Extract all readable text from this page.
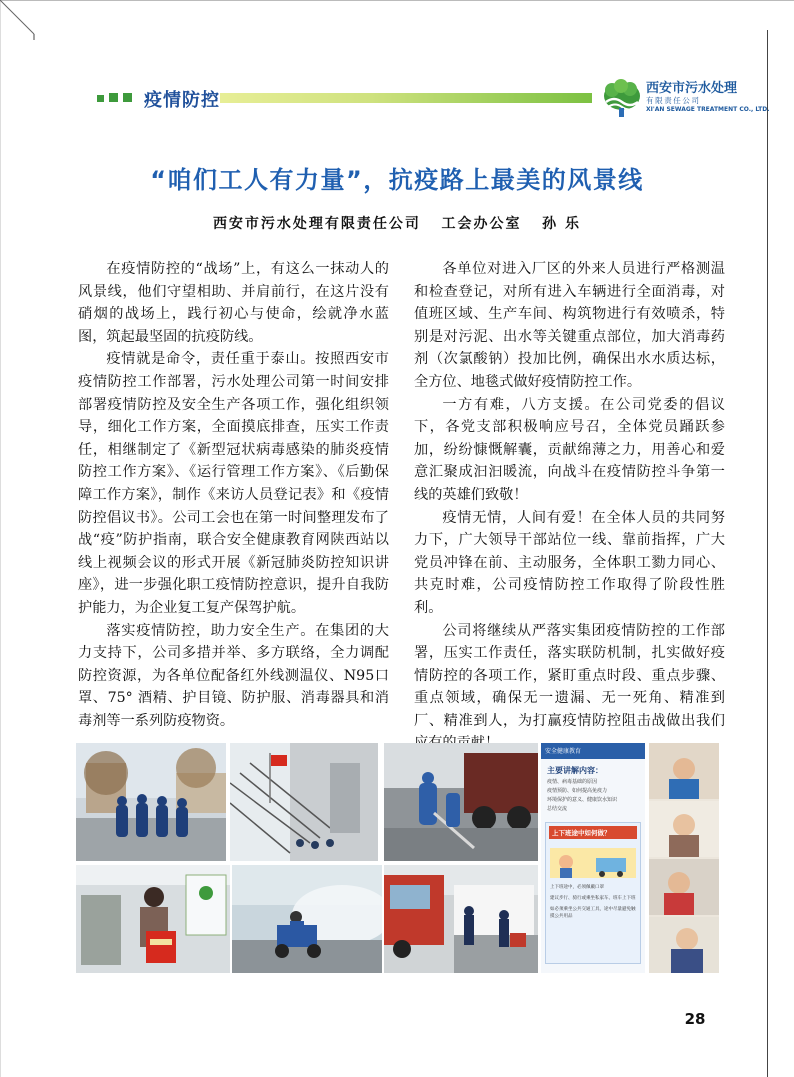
疫情防控
西安市污水处理
有限责任公司
XI'AN SEWAGE TREATMENT CO., LTD.
“咱们工人有力量”，抗疫路上最美的风景线
西安市污水处理有限责任公司   工会办公室   孙 乐

在疫情防控的“战场”上，有这么一抹动人的风景线，他们守望相助、并肩前行，在这片没有硝烟的战场上，践行初心与使命，绘就净水蓝图，筑起最坚固的抗疫防线。

疫情就是命令，责任重于泰山。按照西安市疫情防控工作部署，污水处理公司第一时间安排部署疫情防控及安全生产各项工作，强化组织领导，细化工作方案，全面摸底排查，压实工作责任，相继制定了《新型冠状病毒感染的肺炎疫情防控工作方案》、《运行管理工作方案》、《后勤保障工作方案》，制作《来访人员登记表》和《疫情防控倡议书》。公司工会也在第一时间整理发布了战“疫”防护指南，联合安全健康教育网陕西站以线上视频会议的形式开展《新冠肺炎防控知识讲座》，进一步强化职工疫情防控意识，提升自我防护能力，为企业复工复产保驾护航。

落实疫情防控，助力安全生产。在集团的大力支持下，公司多措并举、多方联络，全力调配防控资源，为各单位配备红外线测温仪、N95口罩、75° 酒精、护目镜、防护服、消毒器具和消毒剂等一系列防疫物资。

各单位对进入厂区的外来人员进行严格测温和检查登记，对所有进入车辆进行全面消毒，对值班区域、生产车间、构筑物进行有效喷杀，特别是对污泥、出水等关键重点部位，加大消毒药剂（次氯酸钠）投加比例，确保出水水质达标，全方位、地毯式做好疫情防控工作。

一方有难，八方支援。在公司党委的倡议下，各党支部积极响应号召，全体党员踊跃参加，纷纷慷慨解囊，贡献绵薄之力，用善心和爱意汇聚成汩汩暖流，向战斗在疫情防控斗争第一线的英雄们致敬！

疫情无情，人间有爱！在全体人员的共同努力下，广大领导干部站位一线、靠前指挥，广大党员冲锋在前、主动服务，全体职工勠力同心、共克时难，公司疫情防控工作取得了阶段性胜利。

公司将继续从严落实集团疫情防控的工作部署，压实工作责任，落实联防机制，扎实做好疫情防控的各项工作，紧盯重点时段、重点步骤、重点领域，确保无一遗漏、无一死角、精准到厂、精准到人，为打赢疫情防控阻击战做出我们

安全健康教育
主要讲解内容：
疫情、病毒基础的原因
疫情预防、如何提高免疫力
环境保护的意义、健康饮水知识
总结交流
上下班途中如何做？
上下班途中，必须佩戴口罩
建议步行、骑行或乘坐私家车、班车上下班
如必须乘坐公共交通工具，途中尽量避免触摸公共用品
28
